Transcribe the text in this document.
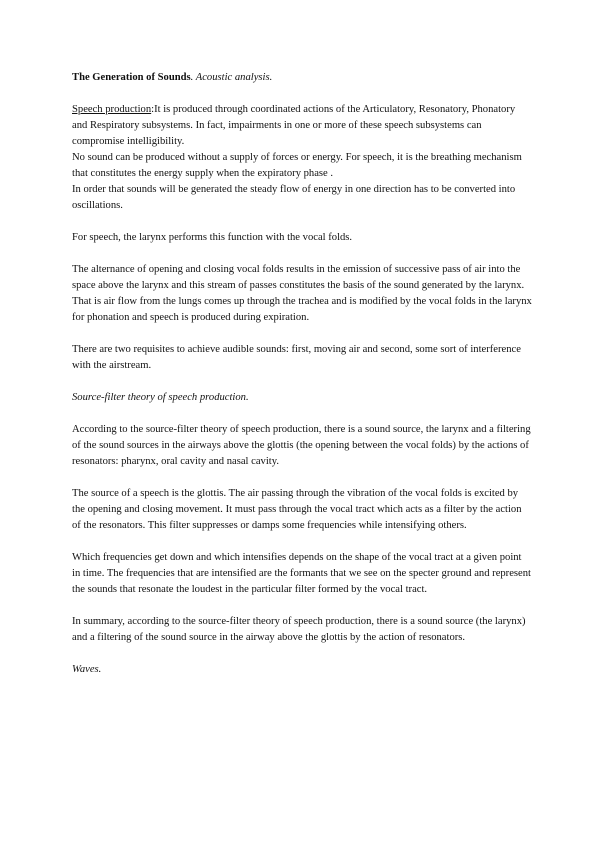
The Generation of Sounds. Acoustic analysis.

Speech production:It is produced through coordinated actions of the Articulatory, Resonatory, Phonatory and Respiratory subsystems. In fact, impairments in one or more of these speech subsystems can compromise intelligibility.

No sound can be produced without a supply of forces or energy. For speech, it is the breathing mechanism that constitutes the energy supply when the expiratory phase .

In order that sounds will be generated the steady flow of energy in one direction has to be converted into oscillations.

For speech, the larynx performs this function with the vocal folds.

The alternance of opening and closing vocal folds results in the emission of successive pass of air into the space above the larynx and this stream of passes constitutes the basis of the sound generated by the larynx. That is air flow from the lungs comes up through the trachea and is modified by the vocal folds in the larynx for phonation and speech is produced during expiration.

There are two requisites to achieve audible sounds: first, moving air and second, some sort of interference with the airstream.

Source-filter theory of speech production.

According to the source-filter theory of speech production, there is a sound source, the larynx and a filtering of the sound sources in the airways above the glottis (the opening between the vocal folds) by the actions of resonators: pharynx, oral cavity and nasal cavity.

The source of a speech is the glottis. The air passing through the vibration of the vocal folds is excited by the opening and closing movement. It must pass through the vocal tract which acts as a filter by the action of the resonators. This filter suppresses or damps some frequencies while intensifying others.

Which frequencies get down and which intensifies depends on the shape of the vocal tract at a given point in time. The frequencies that are intensified are the formants that we see on the specter ground and represent the sounds that resonate the loudest in the particular filter formed by the vocal tract.

In summary, according to the source-filter theory of speech production, there is a sound source (the larynx) and a filtering of the sound source in the airway above the glottis by the action of resonators.

Waves.
